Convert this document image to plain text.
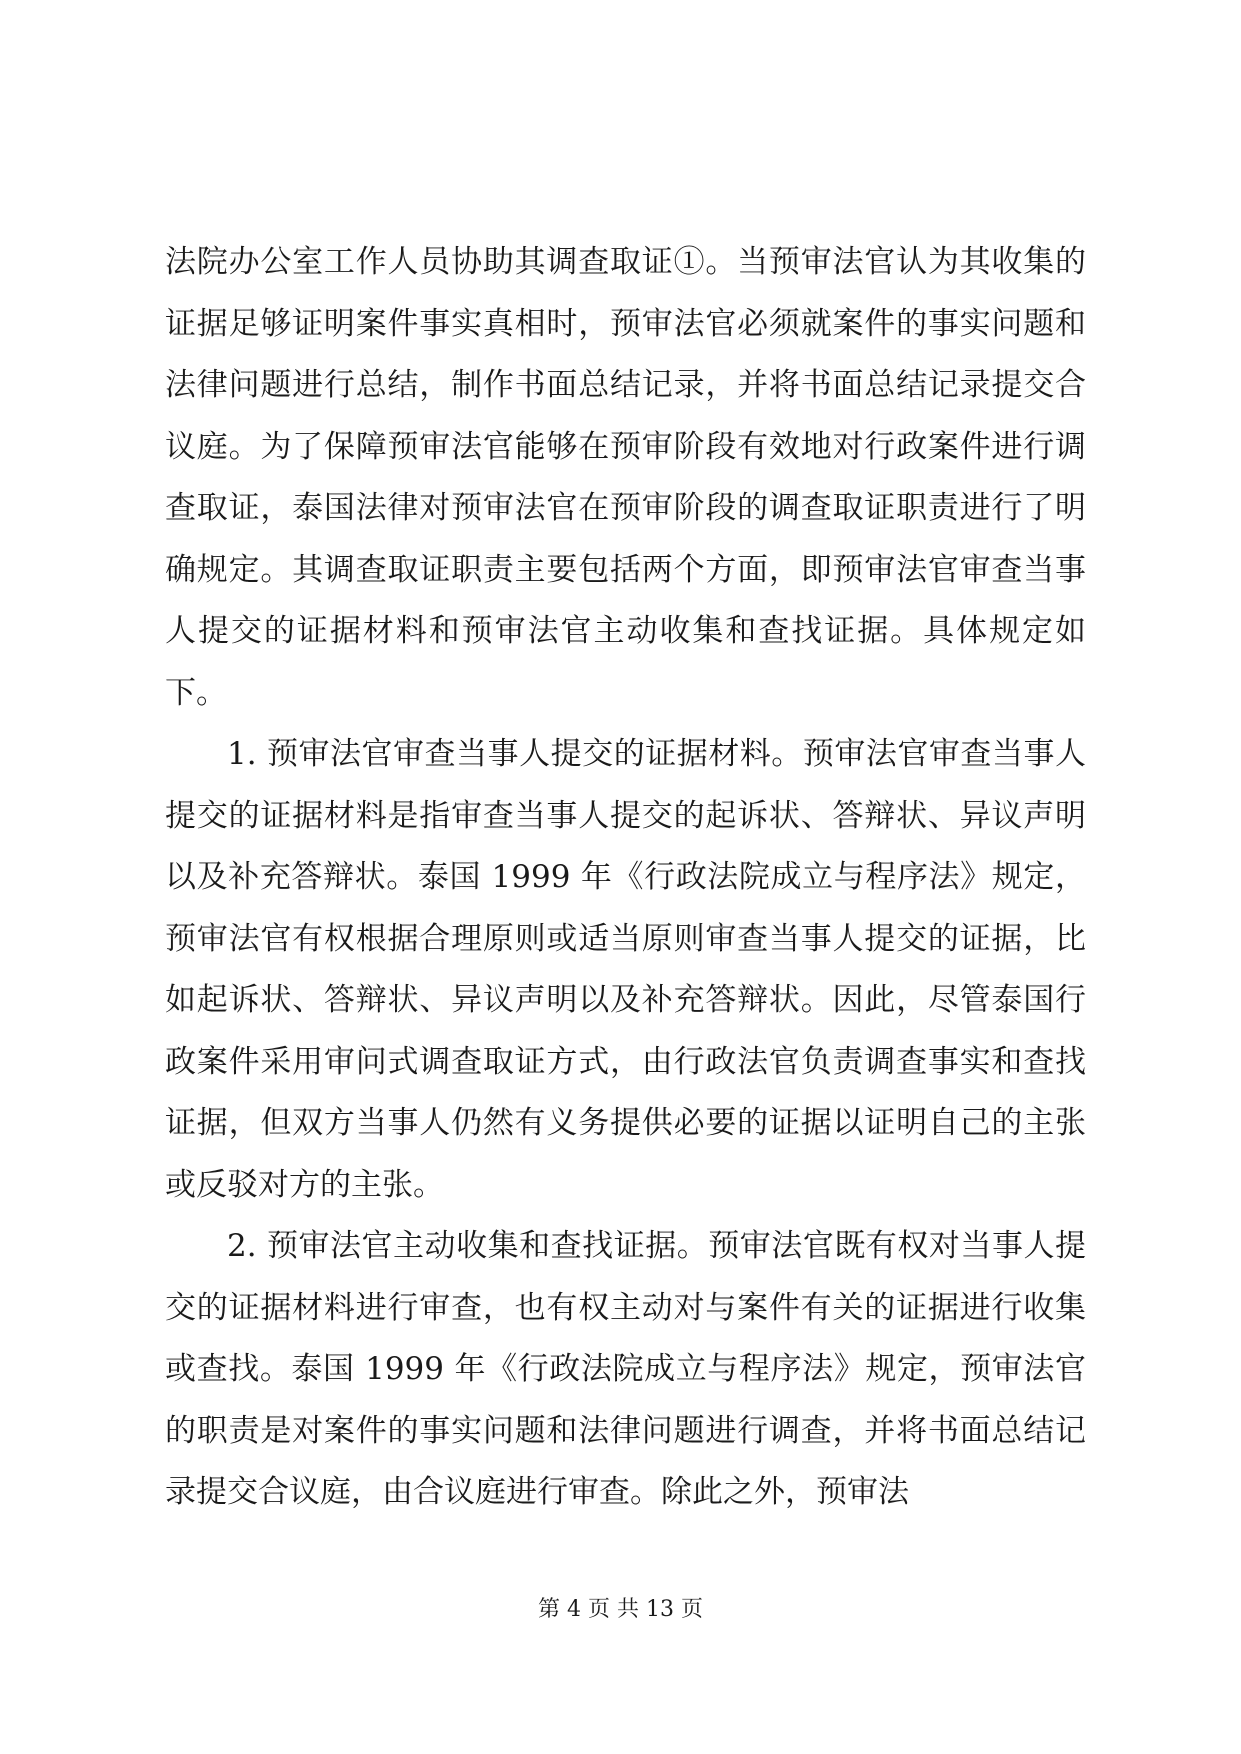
法院办公室工作人员协助其调查取证①。当预审法官认为其收集的证据足够证明案件事实真相时，预审法官必须就案件的事实问题和法律问题进行总结，制作书面总结记录，并将书面总结记录提交合议庭。为了保障预审法官能够在预审阶段有效地对行政案件进行调查取证，泰国法律对预审法官在预审阶段的调查取证职责进行了明确规定。其调查取证职责主要包括两个方面，即预审法官审查当事人提交的证据材料和预审法官主动收集和查找证据。具体规定如下。

1. 预审法官审查当事人提交的证据材料。预审法官审查当事人提交的证据材料是指审查当事人提交的起诉状、答辩状、异议声明以及补充答辩状。泰国 1999 年《行政法院成立与程序法》规定，预审法官有权根据合理原则或适当原则审查当事人提交的证据，比如起诉状、答辩状、异议声明以及补充答辩状。因此，尽管泰国行政案件采用审问式调查取证方式，由行政法官负责调查事实和查找证据，但双方当事人仍然有义务提供必要的证据以证明自己的主张或反驳对方的主张。

2. 预审法官主动收集和查找证据。预审法官既有权对当事人提交的证据材料进行审查，也有权主动对与案件有关的证据进行收集或查找。泰国 1999 年《行政法院成立与程序法》规定，预审法官的职责是对案件的事实问题和法律问题进行调查，并将书面总结记录提交合议庭，由合议庭进行审查。除此之外，预审法

第 4 页 共 13 页
